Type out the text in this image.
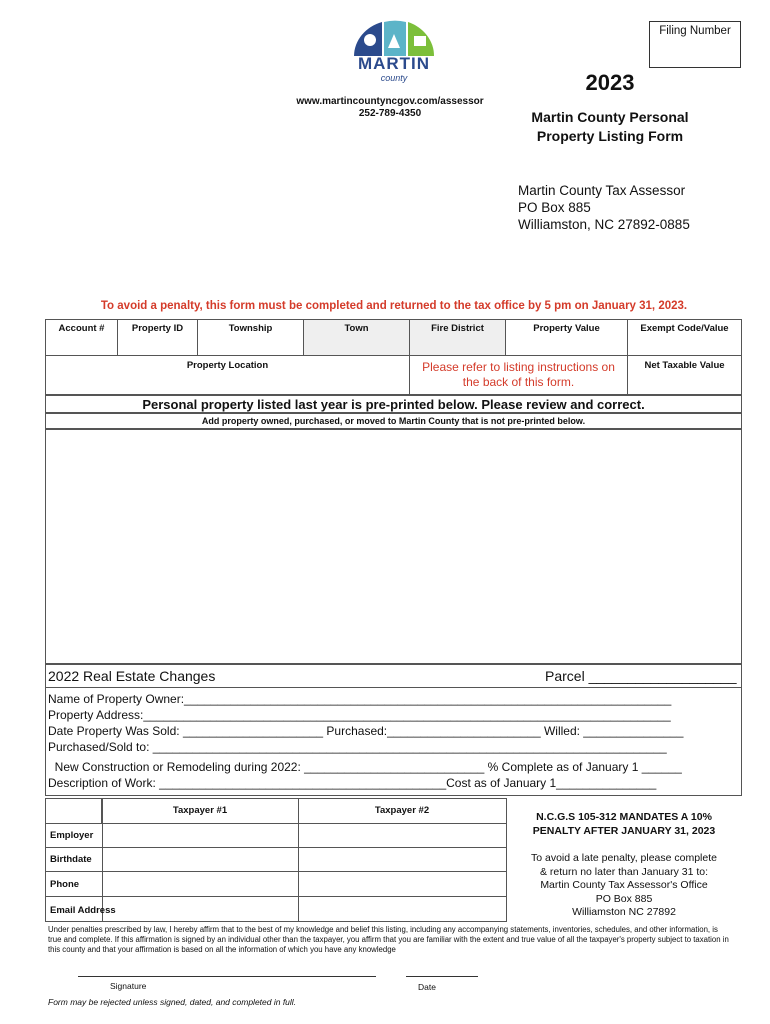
Filing Number
MARTIN
county
www.martincountyncgov.com/assessor
252-789-4350
2023
Martin County Personal
Property Listing Form
Martin County Tax Assessor
PO Box 885
Williamston, NC 27892-0885
To avoid a penalty, this form must be completed and returned to the tax office by 5 pm on January 31, 2023.
Account #	Property ID	Township	Town	Fire District	Property Value	Exempt Code/Value
Property Location	Please refer to listing instructions on
the back of this form.
Net Taxable Value
Personal property listed last year is pre-printed below. Please review and correct.
Add property owned, purchased, or moved to Martin County that is not pre-printed below.
2022 Real Estate Changes	Parcel ___________________
Name of Property Owner:_________________________________________________________________________
Property Address:_______________________________________________________________________________
Date Property Was Sold: _____________________ Purchased:_______________________ Willed: _______________
Purchased/Sold to: _____________________________________________________________________________
New Construction or Remodeling during 2022: ___________________________ % Complete as of January 1 ______
Description of Work: ___________________________________________Cost as of January 1_______________
Taxpayer #1	Taxpayer #2
Employer
Birthdate
Phone
Email Address
N.C.G.S 105-312 MANDATES A 10%
PENALTY AFTER JANUARY 31, 2023
To avoid a late penalty, please complete
& return no later than January 31 to:
Martin County Tax Assessor's Office
PO Box 885
Williamston NC 27892
Under penalties prescribed by law, I hereby affirm that to the best of my knowledge and belief this listing, including any accompanying statements, inventories, schedules, and other information, is true and complete. If this affirmation is signed by an individual other than the taxpayer, you affirm that you are familiar with the extent and true value of all the taxpayer's property subject to taxation in this county and that your affirmation is based on all the information of which you have any knowledge
Signature	Date
Form may be rejected unless signed, dated, and completed in full.
